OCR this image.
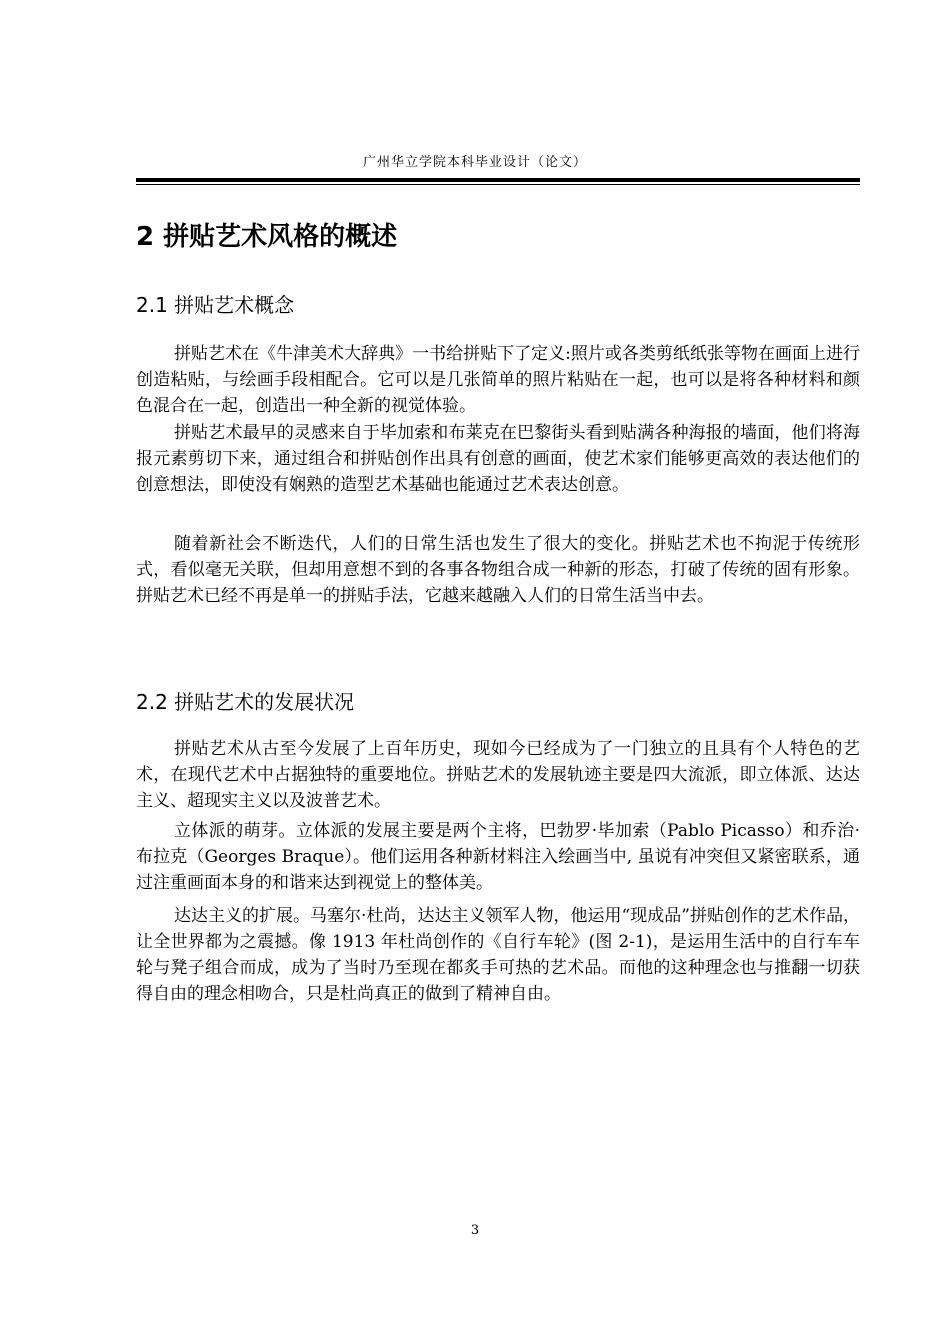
广州华立学院本科毕业设计（论文）
2 拼贴艺术风格的概述
2.1 拼贴艺术概念

拼贴艺术在《牛津美术大辞典》一书给拼贴下了定义:照片或各类剪纸纸张等物在画面上进行创造粘贴，与绘画手段相配合。它可以是几张简单的照片粘贴在一起，也可以是将各种材料和颜色混合在一起，创造出一种全新的视觉体验。

拼贴艺术最早的灵感来自于毕加索和布莱克在巴黎街头看到贴满各种海报的墙面，他们将海报元素剪切下来，通过组合和拼贴创作出具有创意的画面，使艺术家们能够更高效的表达他们的创意想法，即使没有娴熟的造型艺术基础也能通过艺术表达创意。

随着新社会不断迭代，人们的日常生活也发生了很大的变化。拼贴艺术也不拘泥于传统形式，看似毫无关联，但却用意想不到的各事各物组合成一种新的形态，打破了传统的固有形象。拼贴艺术已经不再是单一的拼贴手法，它越来越融入人们的日常生活当中去。

2.2 拼贴艺术的发展状况

拼贴艺术从古至今发展了上百年历史，现如今已经成为了一门独立的且具有个人特色的艺术，在现代艺术中占据独特的重要地位。拼贴艺术的发展轨迹主要是四大流派，即立体派、达达主义、超现实主义以及波普艺术。

立体派的萌芽。立体派的发展主要是两个主将，巴勃罗·毕加索（Pablo Picasso）和乔治·布拉克（Georges Braque）。他们运用各种新材料注入绘画当中, 虽说有冲突但又紧密联系，通过注重画面本身的和谐来达到视觉上的整体美。

达达主义的扩展。马塞尔·杜尚，达达主义领军人物，他运用“现成品”拼贴创作的艺术作品，让全世界都为之震撼。像 1913 年杜尚创作的《自行车轮》(图 2-1)，是运用生活中的自行车车轮与凳子组合而成，成为了当时乃至现在都炙手可热的艺术品。而他的这种理念也与推翻一切获得自由的理念相吻合，只是杜尚真正的做到了精神自由。

3
